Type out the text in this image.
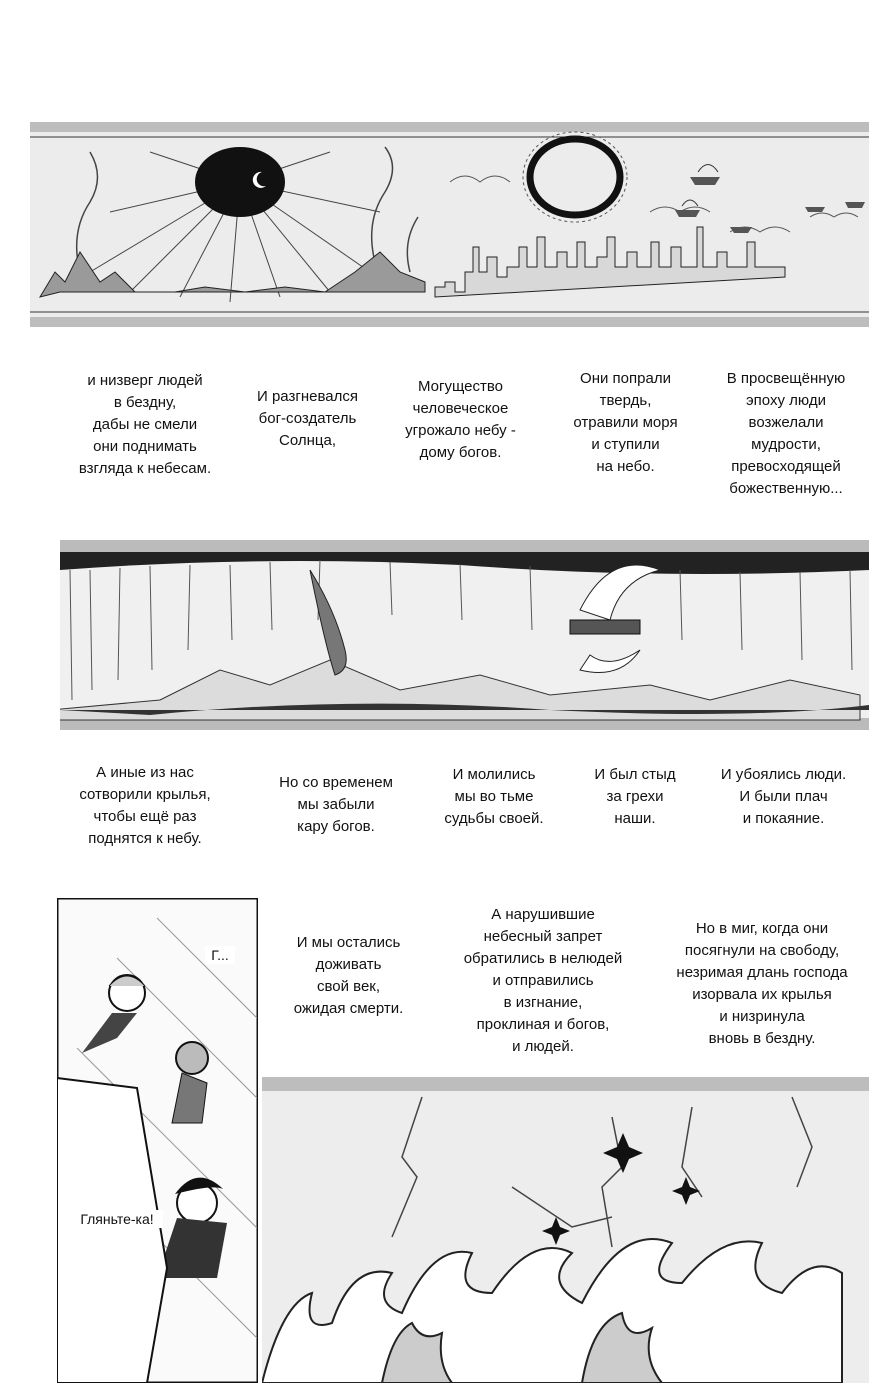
В просвещённую
эпоху люди
возжелали
мудрости,
превосходящей
божественную...
Они попрали
твердь,
отравили моря
и ступили
на небо.
Могущество
человеческое
угрожало небу -
дому богов.
И разгневался
бог-создатель
Солнца,
и низверг людей
в бездну,
дабы не смели
они поднимать
взгляда к небесам.
И убоялись люди.
И были плач
и покаяние.
И был стыд
за грехи
наши.
И молились
мы во тьме
судьбы своей.
Но со временем
мы забыли
кару богов.
А иные из нас
сотворили крылья,
чтобы ещё раз
поднятся к небу.
Г...
Гляньте-ка!
Но в миг, когда они
посягнули на свободу,
незримая длань господа
изорвала их крылья
и низринула
вновь в бездну.
А нарушившие
небесный запрет
обратились в нелюдей
и отправились
в изгнание,
проклиная и богов,
и людей.
И мы остались
доживать
свой век,
ожидая смерти.
